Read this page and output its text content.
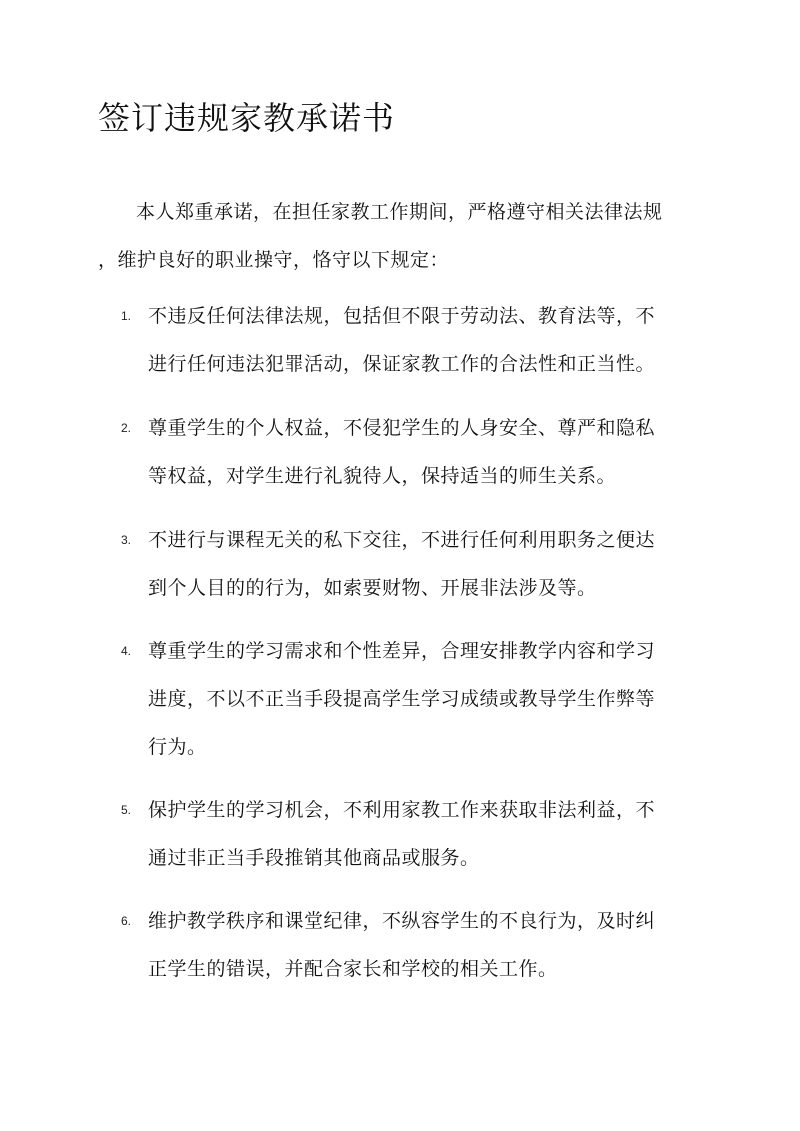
签订违规家教承诺书

本人郑重承诺，在担任家教工作期间，严格遵守相关法律法规
，维护良好的职业操守，恪守以下规定：

1. 不违反任何法律法规，包括但不限于劳动法、教育法等，不
进行任何违法犯罪活动，保证家教工作的合法性和正当性。
2. 尊重学生的个人权益，不侵犯学生的人身安全、尊严和隐私
等权益，对学生进行礼貌待人，保持适当的师生关系。
3. 不进行与课程无关的私下交往，不进行任何利用职务之便达
到个人目的的行为，如索要财物、开展非法涉及等。
4. 尊重学生的学习需求和个性差异，合理安排教学内容和学习
进度，不以不正当手段提高学生学习成绩或教导学生作弊等
行为。
5. 保护学生的学习机会，不利用家教工作来获取非法利益，不
通过非正当手段推销其他商品或服务。
6. 维护教学秩序和课堂纪律，不纵容学生的不良行为，及时纠
正学生的错误，并配合家长和学校的相关工作。
